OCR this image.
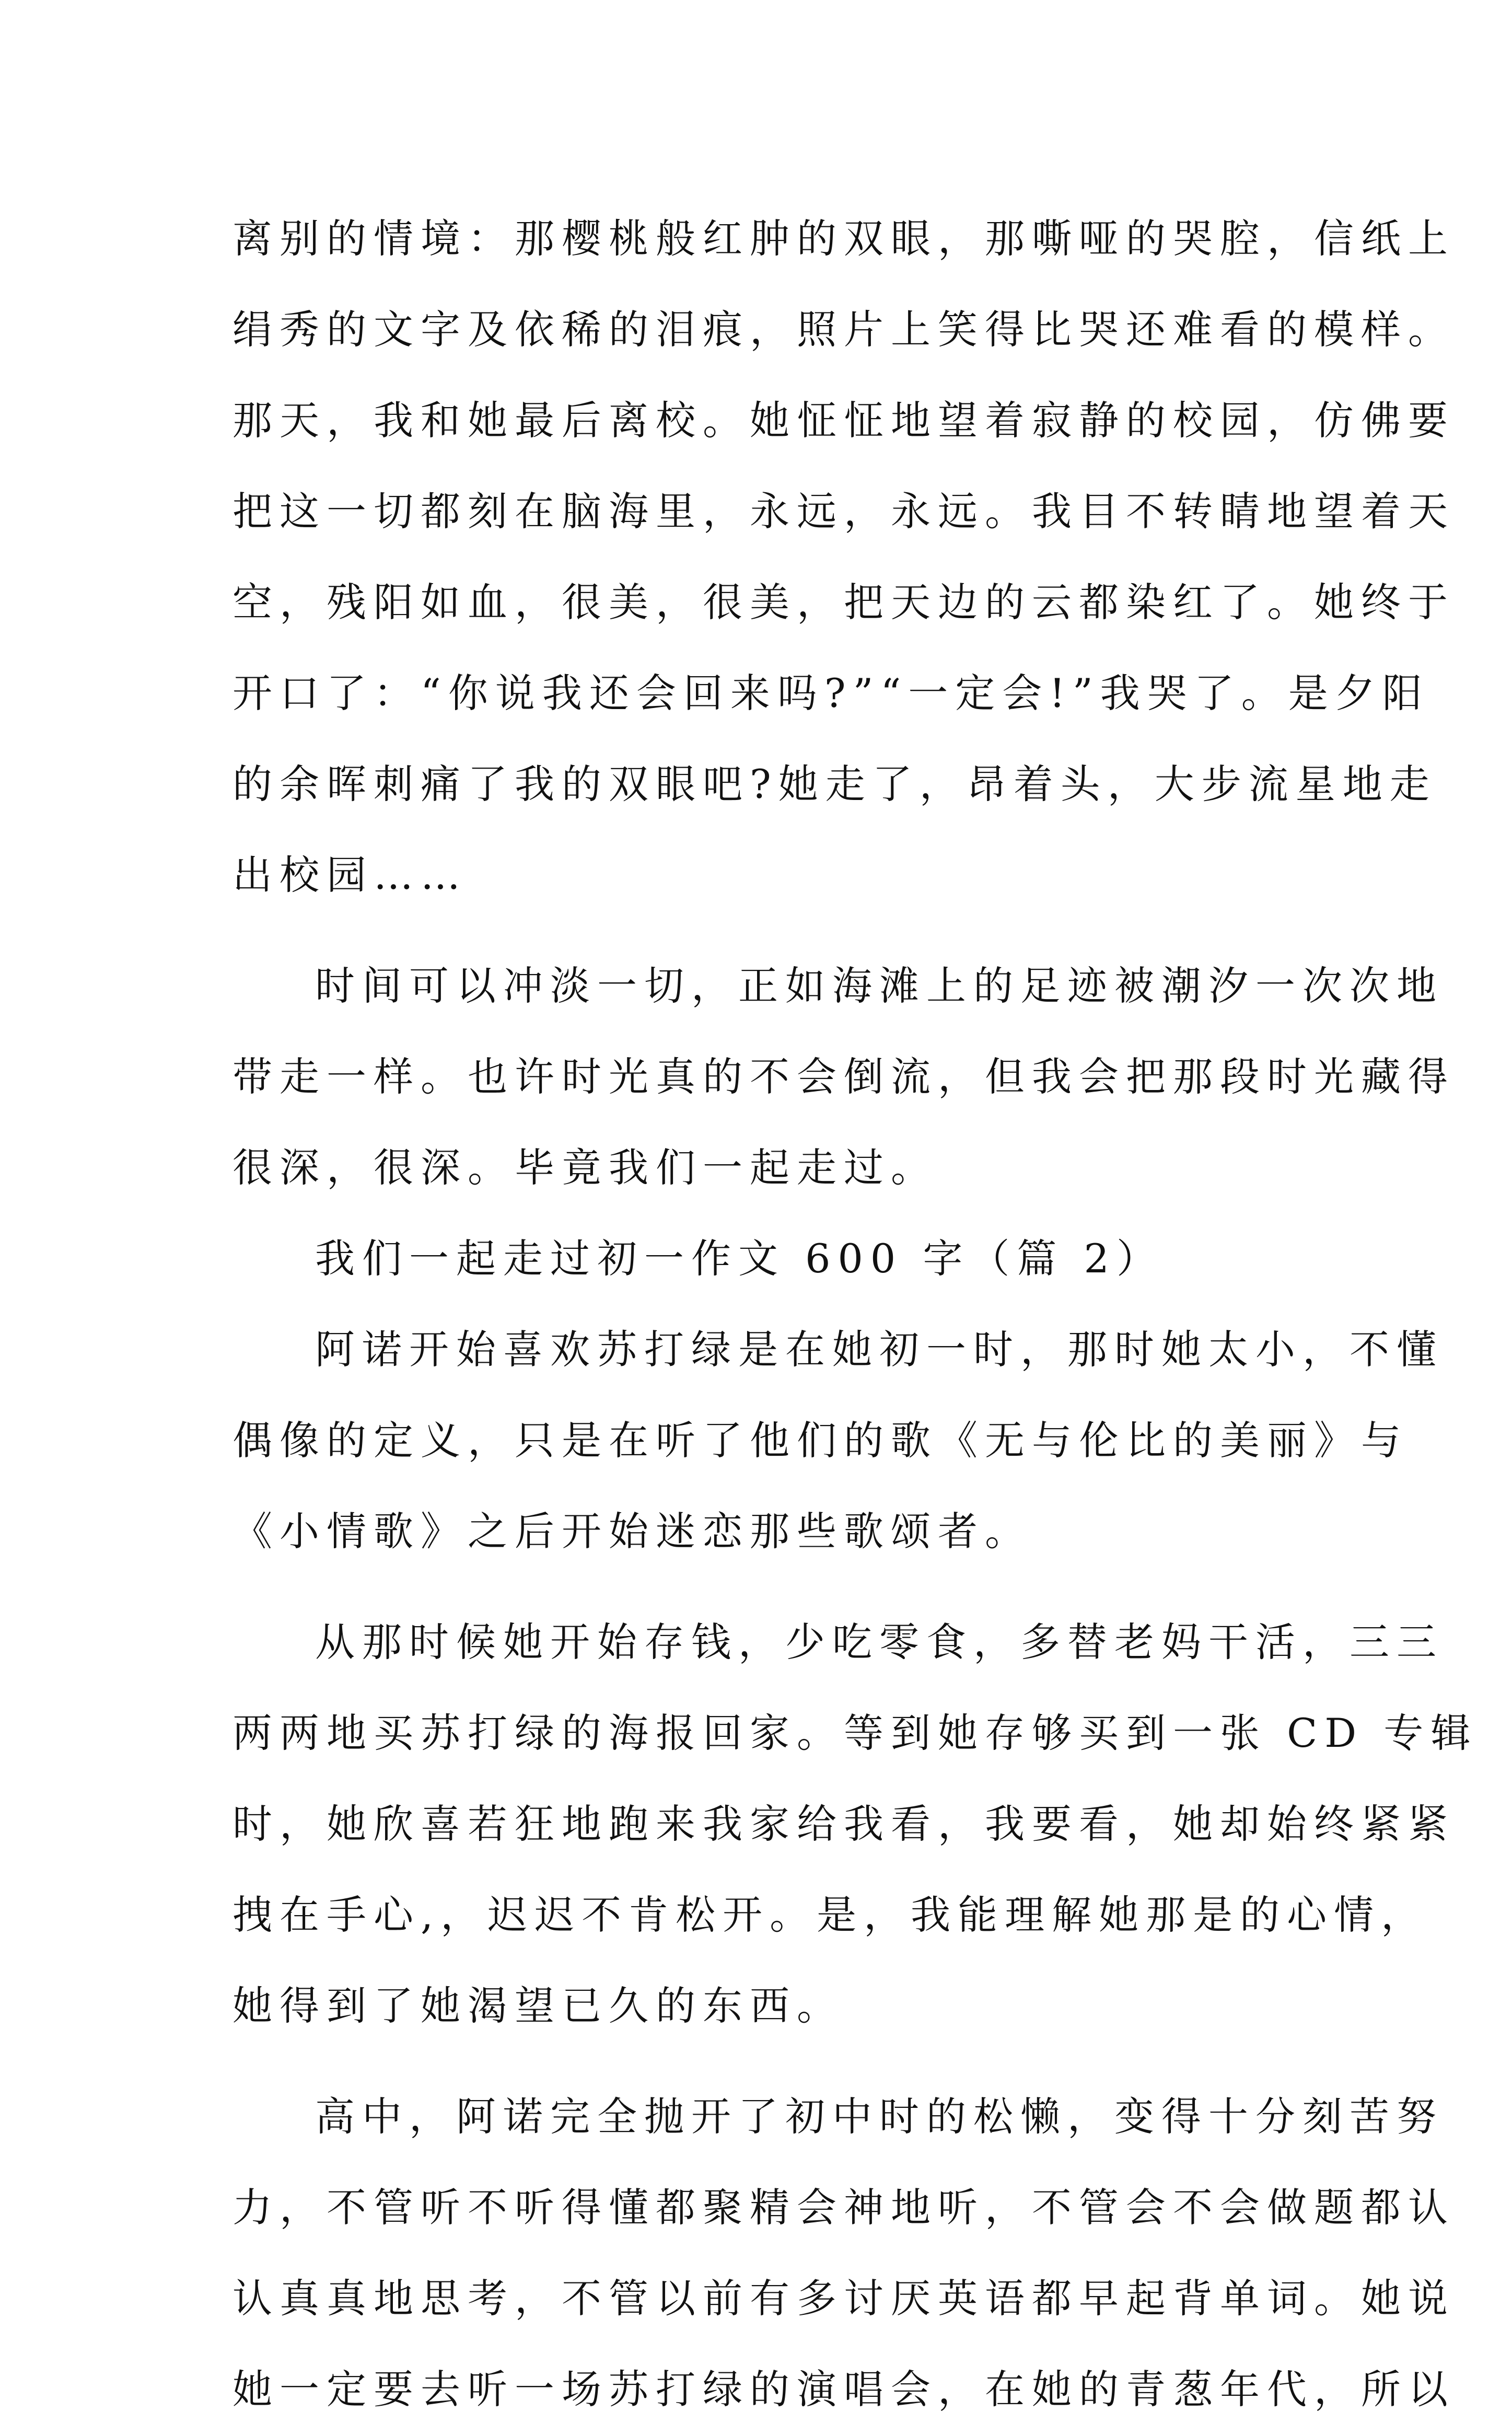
离别的情境：那樱桃般红肿的双眼，那嘶哑的哭腔，信纸上
绢秀的文字及依稀的泪痕，照片上笑得比哭还难看的模样。
那天，我和她最后离校。她怔怔地望着寂静的校园，仿佛要
把这一切都刻在脑海里，永远，永远。我目不转睛地望着天
空，残阳如血，很美，很美，把天边的云都染红了。她终于
开口了：“你说我还会回来吗?”“一定会!”我哭了。是夕阳
的余晖刺痛了我的双眼吧?她走了，昂着头，大步流星地走
出校园……
时间可以冲淡一切，正如海滩上的足迹被潮汐一次次地
带走一样。也许时光真的不会倒流，但我会把那段时光藏得
很深，很深。毕竟我们一起走过。
我们一起走过初一作文 600 字（篇 2）
阿诺开始喜欢苏打绿是在她初一时，那时她太小，不懂
偶像的定义，只是在听了他们的歌《无与伦比的美丽》与
《小情歌》之后开始迷恋那些歌颂者。
从那时候她开始存钱，少吃零食，多替老妈干活，三三
两两地买苏打绿的海报回家。等到她存够买到一张 CD 专辑
时，她欣喜若狂地跑来我家给我看，我要看，她却始终紧紧
拽在手心,，迟迟不肯松开。是，我能理解她那是的心情，
她得到了她渴望已久的东西。
高中，阿诺完全抛开了初中时的松懒，变得十分刻苦努
力，不管听不听得懂都聚精会神地听，不管会不会做题都认
认真真地思考，不管以前有多讨厌英语都早起背单词。她说
她一定要去听一场苏打绿的演唱会，在她的青葱年代，所以
